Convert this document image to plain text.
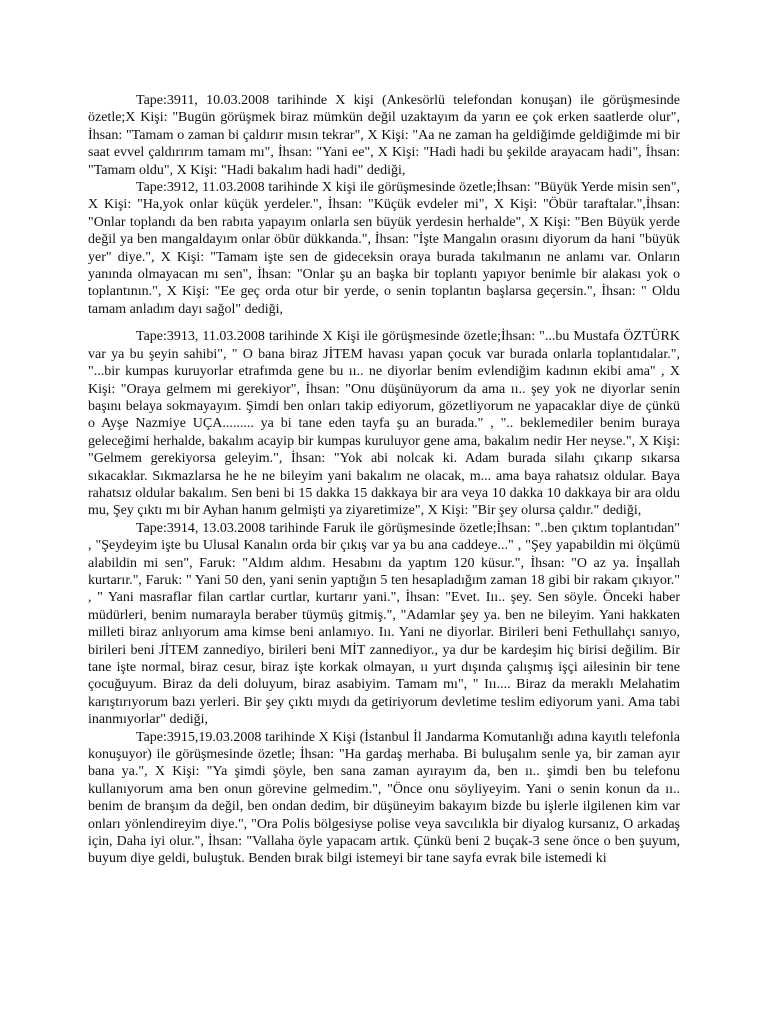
Tape:3911, 10.03.2008 tarihinde X kişi (Ankesörlü telefondan konuşan) ile görüşmesinde özetle;X Kişi: "Bugün görüşmek biraz mümkün değil uzaktayım da yarın ee çok erken saatlerde olur", İhsan: "Tamam o zaman bi çaldırır mısın tekrar", X Kişi: "Aa ne zaman ha geldiğimde geldiğimde mi bir saat evvel çaldırırım tamam mı", İhsan: "Yani ee", X Kişi: "Hadi hadi bu şekilde arayacam hadi", İhsan: "Tamam oldu", X Kişi: "Hadi bakalım hadi hadi" dediği,

Tape:3912, 11.03.2008 tarihinde X kişi ile görüşmesinde özetle;İhsan: "Büyük Yerde misin sen", X Kişi: "Ha,yok onlar küçük yerdeler.", İhsan: "Küçük evdeler mi", X Kişi: "Öbür taraftalar.",İhsan: "Onlar toplandı da ben rabıta yapayım onlarla sen büyük yerdesin herhalde", X Kişi: "Ben Büyük yerde değil ya ben mangaldayım onlar öbür dükkanda.", İhsan: "İşte Mangalın orasını diyorum da hani "büyük yer" diye.", X Kişi: "Tamam işte sen de gideceksin oraya burada takılmanın ne anlamı var. Onların yanında olmayacan mı sen", İhsan: "Onlar şu an başka bir toplantı yapıyor benimle bir alakası yok o toplantının.", X Kişi: "Ee geç orda otur bir yerde, o senin toplantın başlarsa geçersin.", İhsan: " Oldu tamam anladım dayı sağol" dediği,

Tape:3913, 11.03.2008 tarihinde X Kişi ile görüşmesinde özetle;İhsan: "...bu Mustafa ÖZTÜRK var ya bu şeyin sahibi", " O bana biraz JİTEM havası yapan çocuk var burada onlarla toplantıdalar.", "...bir kumpas kuruyorlar etrafımda gene bu ıı.. ne diyorlar benim evlendiğim kadının ekibi ama" , X Kişi: "Oraya gelmem mi gerekiyor", İhsan: "Onu düşünüyorum da ama ıı.. şey yok ne diyorlar senin başını belaya sokmayayım. Şimdi ben onları takip ediyorum, gözetliyorum ne yapacaklar diye de çünkü o Ayşe Nazmiye UÇA......... ya bi tane eden tayfa şu an burada." , ".. beklemediler benim buraya geleceğimi herhalde, bakalım acayip bir kumpas kuruluyor gene ama, bakalım nedir Her neyse.", X Kişi: "Gelmem gerekiyorsa geleyim.", İhsan: "Yok abi nolcak ki. Adam burada silahı çıkarıp sıkarsa sıkacaklar. Sıkmazlarsa he he ne bileyim yani bakalım ne olacak, m... ama baya rahatsız oldular. Baya rahatsız oldular bakalım. Sen beni bi 15 dakka 15 dakkaya bir ara veya 10 dakka 10 dakkaya bir ara oldu mu, Şey çıktı mı bir Ayhan hanım gelmişti ya ziyaretimize", X Kişi: "Bir şey olursa çaldır." dediği,

Tape:3914, 13.03.2008 tarihinde Faruk ile görüşmesinde özetle;İhsan: "..ben çıktım toplantıdan" , "Şeydeyim işte bu Ulusal Kanalın orda bir çıkış var ya bu ana caddeye..." , "Şey yapabildin mi ölçümü alabildin mi sen", Faruk: "Aldım aldım. Hesabını da yaptım 120 küsur.", İhsan: "O az ya. İnşallah kurtarır.", Faruk: " Yani 50 den, yani senin yaptığın 5 ten hesapladığım zaman 18 gibi bir rakam çıkıyor." , " Yani masraflar filan cartlar curtlar, kurtarır yani.", İhsan: "Evet. Iıı.. şey. Sen söyle. Önceki haber müdürleri, benim numarayla beraber tüymüş gitmiş.", "Adamlar şey ya. ben ne bileyim. Yani hakkaten milleti biraz anlıyorum ama kimse beni anlamıyo. Iıı. Yani ne diyorlar. Birileri beni Fethullahçı sanıyo, birileri beni JİTEM zannediyo, birileri beni MİT zannediyor., ya dur be kardeşim hiç birisi değilim. Bir tane işte normal, biraz cesur, biraz işte korkak olmayan, ıı yurt dışında çalışmış işçi ailesinin bir tene çocuğuyum. Biraz da deli doluyum, biraz asabiyim. Tamam mı", " Iıı.... Biraz da meraklı Melahatim karıştırıyorum bazı yerleri. Bir şey çıktı mıydı da getiriyorum devletime teslim ediyorum yani. Ama tabi inanmıyorlar" dediği,

Tape:3915,19.03.2008 tarihinde X Kişi (İstanbul İl Jandarma Komutanlığı adına kayıtlı telefonla konuşuyor) ile görüşmesinde özetle; İhsan: "Ha gardaş merhaba. Bi buluşalım senle ya, bir zaman ayır bana ya.", X Kişi: "Ya şimdi şöyle, ben sana zaman ayırayım da, ben ıı.. şimdi ben bu telefonu kullanıyorum ama ben onun görevine gelmedim.", "Önce onu söyliyeyim. Yani o senin konun da ıı.. benim de branşım da değil, ben ondan dedim, bir düşüneyim bakayım bizde bu işlerle ilgilenen kim var onları yönlendireyim diye.", "Ora Polis bölgesiyse polise veya savcılıkla bir diyalog kursanız, O arkadaş için, Daha iyi olur.", İhsan: "Vallaha öyle yapacam artık. Çünkü beni 2 buçak-3 sene önce o ben şuyum, buyum diye geldi, buluştuk. Benden bırak bilgi istemeyi bir tane sayfa evrak bile istemedi ki
